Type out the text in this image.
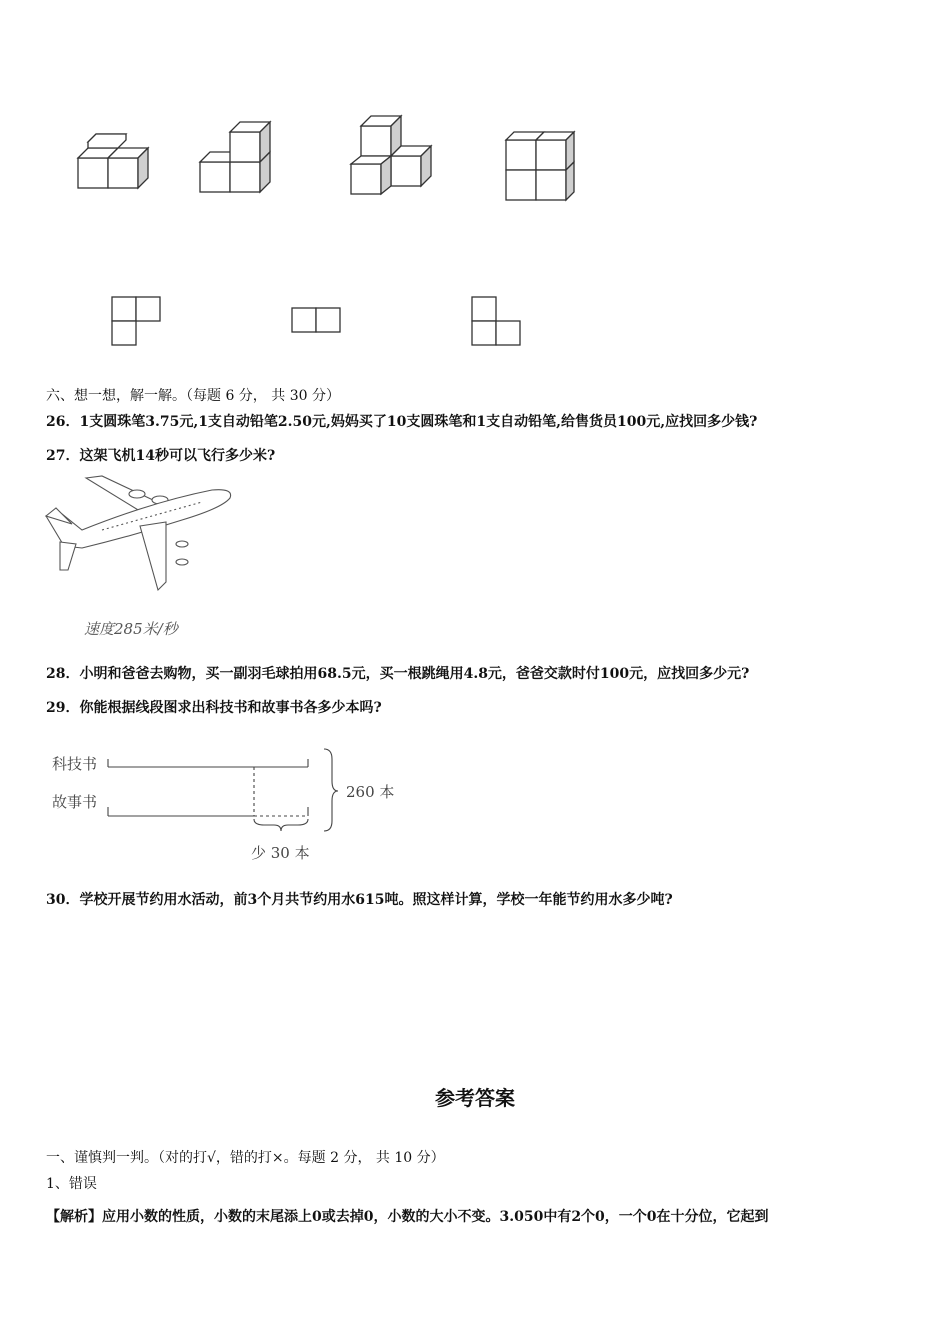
六、想一想，解一解。（每题 6 分， 共 30 分）
26．1支圆珠笔3.75元,1支自动铅笔2.50元,妈妈买了10支圆珠笔和1支自动铅笔,给售货员100元,应找回多少钱?
27．这架飞机14秒可以飞行多少米?
速度285米/秒
28．小明和爸爸去购物，买一副羽毛球拍用68.5元，买一根跳绳用4.8元，爸爸交款时付100元，应找回多少元?
29．你能根据线段图求出科技书和故事书各多少本吗?
科技书
故事书
260 本
少 30 本
30．学校开展节约用水活动，前3个月共节约用水615吨。照这样计算，学校一年能节约用水多少吨?
参考答案
一、谨慎判一判。（对的打√，错的打×。每题 2 分， 共 10 分）
1、错误
【解析】应用小数的性质，小数的末尾添上0或去掉0，小数的大小不变。3.050中有2个0，一个0在十分位，它起到
